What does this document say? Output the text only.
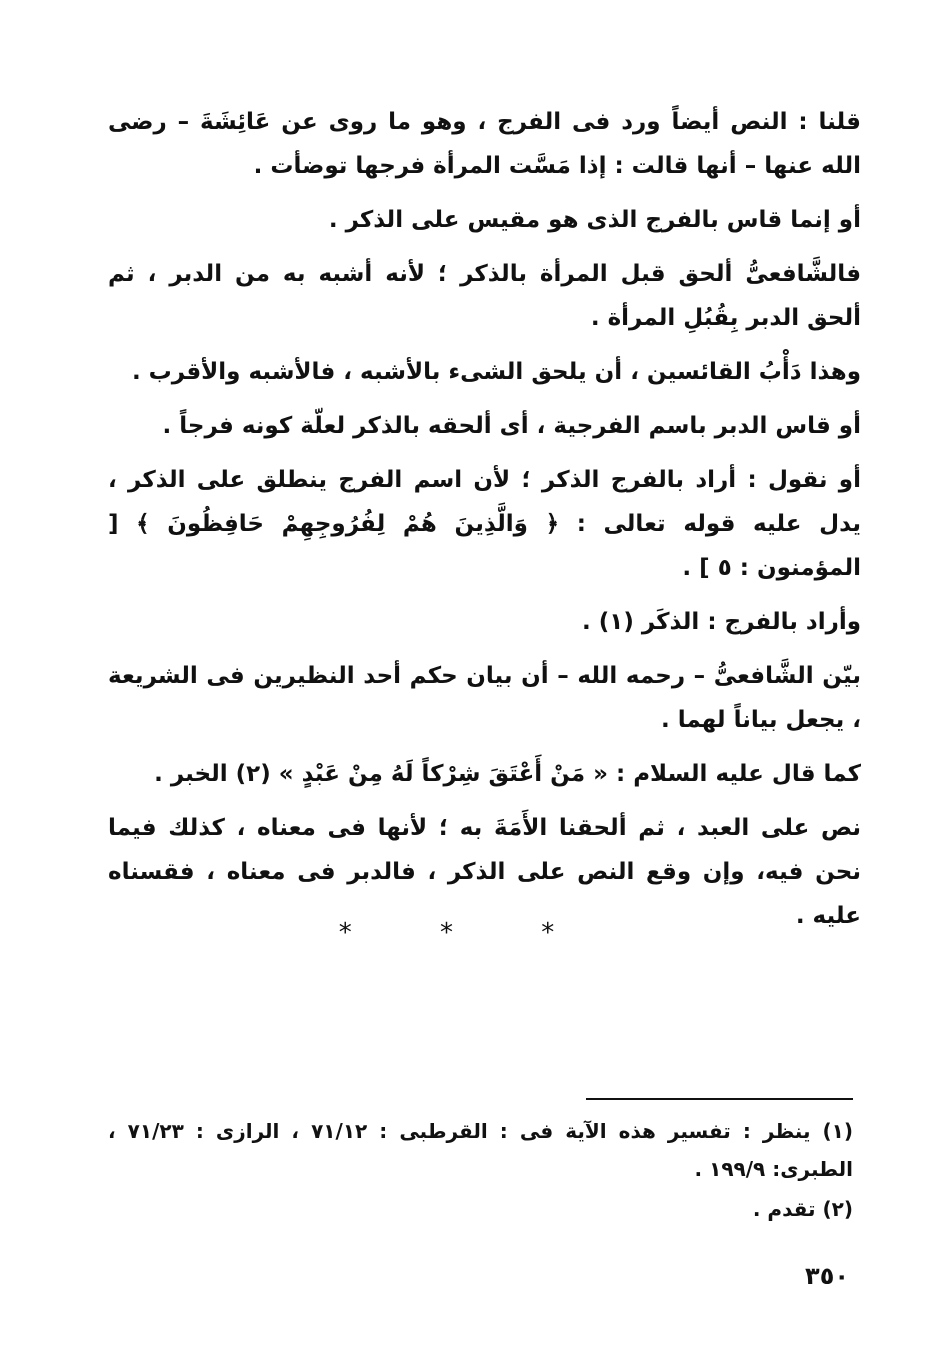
قلنا : النص أيضاً ورد فى الفرج ، وهو ما روى عن عَائِشَةَ – رضى الله عنها – أنها قالت : إذا مَسَّت المرأة فرجها توضأت .

أو إنما قاس بالفرج الذى هو مقيس على الذكر .

فالشَّافعىُّ ألحق قبل المرأة بالذكر ؛ لأنه أشبه به من الدبر ، ثم ألحق الدبر بِقُبُلِ المرأة .

وهذا دَأْبُ القائسين ، أن يلحق الشىء بالأشبه ، فالأشبه والأقرب .

أو قاس الدبر باسم الفرجية ، أى ألحقه بالذكر لعلّة كونه فرجاً .

أو نقول : أراد بالفرج الذكر ؛ لأن اسم الفرج ينطلق على الذكر ، يدل عليه قوله تعالى : ﴿ وَالَّذِينَ هُمْ لِفُرُوجِهِمْ حَافِظُونَ ﴾ [ المؤمنون : ٥ ] .

وأراد بالفرج : الذكَر (١) .

بيّن الشَّافعىُّ – رحمه الله – أن بيان حكم أحد النظيرين فى الشريعة ، يجعل بياناً لهما .

كما قال عليه السلام : « مَنْ أَعْتَقَ شِرْكاً لَهُ مِنْ عَبْدٍ » (٢) الخبر .

نص على العبد ، ثم ألحقنا الأَمَةَ به ؛ لأنها فى معناه ، كذلك فيما نحن فيه، وإن وقع النص على الذكر ، فالدبر فى معناه ، فقسناه عليه .

* * *

(١) ينظر : تفسير هذه الآية فى : القرطبى : ٧١/١٢ ، الرازى : ٧١/٢٣ ، الطبرى: ١٩٩/٩ .

(٢) تقدم .

٣٥٠
